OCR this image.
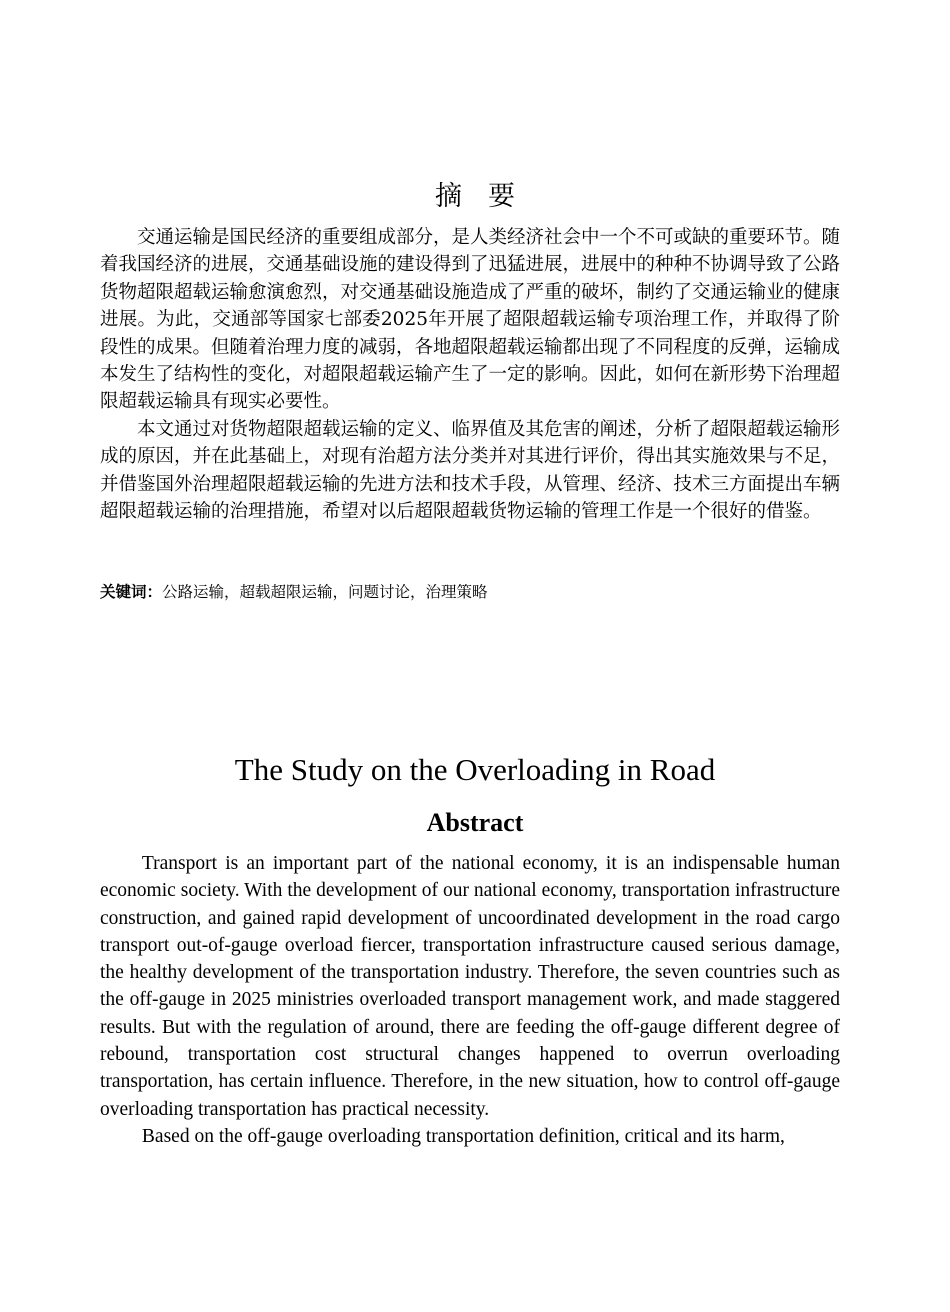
摘要

交通运输是国民经济的重要组成部分，是人类经济社会中一个不可或缺的重要环节。随着我国经济的进展，交通基础设施的建设得到了迅猛进展，进展中的种种不协调导致了公路货物超限超载运输愈演愈烈，对交通基础设施造成了严重的破坏，制约了交通运输业的健康进展。为此，交通部等国家七部委2025年开展了超限超载运输专项治理工作，并取得了阶段性的成果。但随着治理力度的减弱，各地超限超载运输都出现了不同程度的反弹，运输成本发生了结构性的变化，对超限超载运输产生了一定的影响。因此，如何在新形势下治理超限超载运输具有现实必要性。

本文通过对货物超限超载运输的定义、临界值及其危害的阐述，分析了超限超载运输形成的原因，并在此基础上，对现有治超方法分类并对其进行评价，得出其实施效果与不足，并借鉴国外治理超限超载运输的先进方法和技术手段，从管理、经济、技术三方面提出车辆超限超载运输的治理措施，希望对以后超限超载货物运输的管理工作是一个很好的借鉴。

关键词：公路运输，超载超限运输，问题讨论，治理策略
The Study on the Overloading in Road
Abstract

Transport is an important part of the national economy, it is an indispensable human economic society. With the development of our national economy, transportation infrastructure construction, and gained rapid development of uncoordinated development in the road cargo transport out-of-gauge overload fiercer, transportation infrastructure caused serious damage, the healthy development of the transportation industry. Therefore, the seven countries such as the off-gauge in 2025 ministries overloaded transport management work, and made staggered results. But with the regulation of around, there are feeding the off-gauge different degree of rebound, transportation cost structural changes happened to overrun overloading transportation, has certain influence. Therefore, in the new situation, how to control off-gauge overloading transportation has practical necessity.

Based on the off-gauge overloading transportation definition, critical and its harm,
